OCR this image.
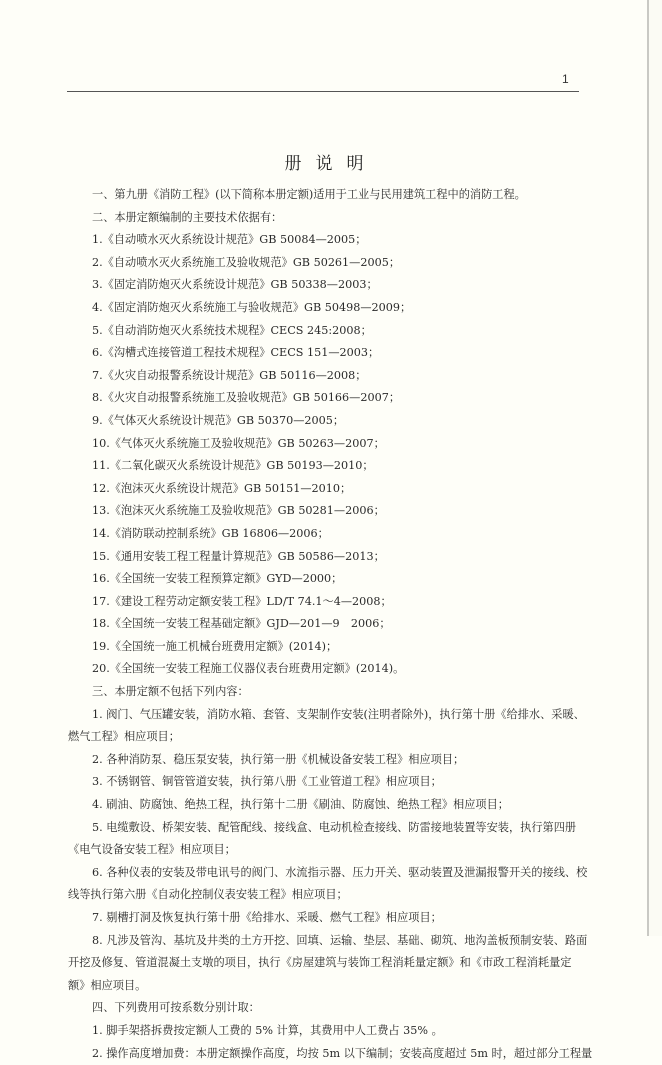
1
册说明

一、第九册《消防工程》(以下简称本册定额)适用于工业与民用建筑工程中的消防工程。

二、本册定额编制的主要技术依据有：

1.《自动喷水灭火系统设计规范》GB 50084—2005；

2.《自动喷水灭火系统施工及验收规范》GB 50261—2005；

3.《固定消防炮灭火系统设计规范》GB 50338—2003；

4.《固定消防炮灭火系统施工与验收规范》GB 50498—2009；

5.《自动消防炮灭火系统技术规程》CECS 245:2008；

6.《沟槽式连接管道工程技术规程》CECS 151—2003；

7.《火灾自动报警系统设计规范》GB 50116—2008；

8.《火灾自动报警系统施工及验收规范》GB 50166—2007；

9.《气体灭火系统设计规范》GB 50370—2005；

10.《气体灭火系统施工及验收规范》GB 50263—2007；

11.《二氧化碳灭火系统设计规范》GB 50193—2010；

12.《泡沫灭火系统设计规范》GB 50151—2010；

13.《泡沫灭火系统施工及验收规范》GB 50281—2006；

14.《消防联动控制系统》GB 16806—2006；

15.《通用安装工程工程量计算规范》GB 50586—2013；

16.《全国统一安装工程预算定额》GYD—2000；

17.《建设工程劳动定额安装工程》LD/T 74.1～4—2008；

18.《全国统一安装工程基础定额》GJD—201—9　2006；

19.《全国统一施工机械台班费用定额》(2014)；

20.《全国统一安装工程施工仪器仪表台班费用定额》(2014)。

三、本册定额不包括下列内容：

1. 阀门、气压罐安装，消防水箱、套管、支架制作安装(注明者除外)，执行第十册《给排水、采暖、燃气工程》相应项目；

2. 各种消防泵、稳压泵安装，执行第一册《机械设备安装工程》相应项目；

3. 不锈钢管、铜管管道安装，执行第八册《工业管道工程》相应项目；

4. 刷油、防腐蚀、绝热工程，执行第十二册《刷油、防腐蚀、绝热工程》相应项目；

5. 电缆敷设、桥架安装、配管配线、接线盒、电动机检查接线、防雷接地装置等安装，执行第四册《电气设备安装工程》相应项目；

6. 各种仪表的安装及带电讯号的阀门、水流指示器、压力开关、驱动装置及泄漏报警开关的接线、校线等执行第六册《自动化控制仪表安装工程》相应项目；

7. 剔槽打洞及恢复执行第十册《给排水、采暖、燃气工程》相应项目；

8. 凡涉及管沟、基坑及井类的土方开挖、回填、运输、垫层、基础、砌筑、地沟盖板预制安装、路面开挖及修复、管道混凝土支墩的项目，执行《房屋建筑与装饰工程消耗量定额》和《市政工程消耗量定额》相应项目。

四、下列费用可按系数分别计取：

1. 脚手架搭拆费按定额人工费的 5% 计算，其费用中人工费占 35% 。

2. 操作高度增加费：本册定额操作高度，均按 5m 以下编制；安装高度超过 5m 时，超过部分工程量
